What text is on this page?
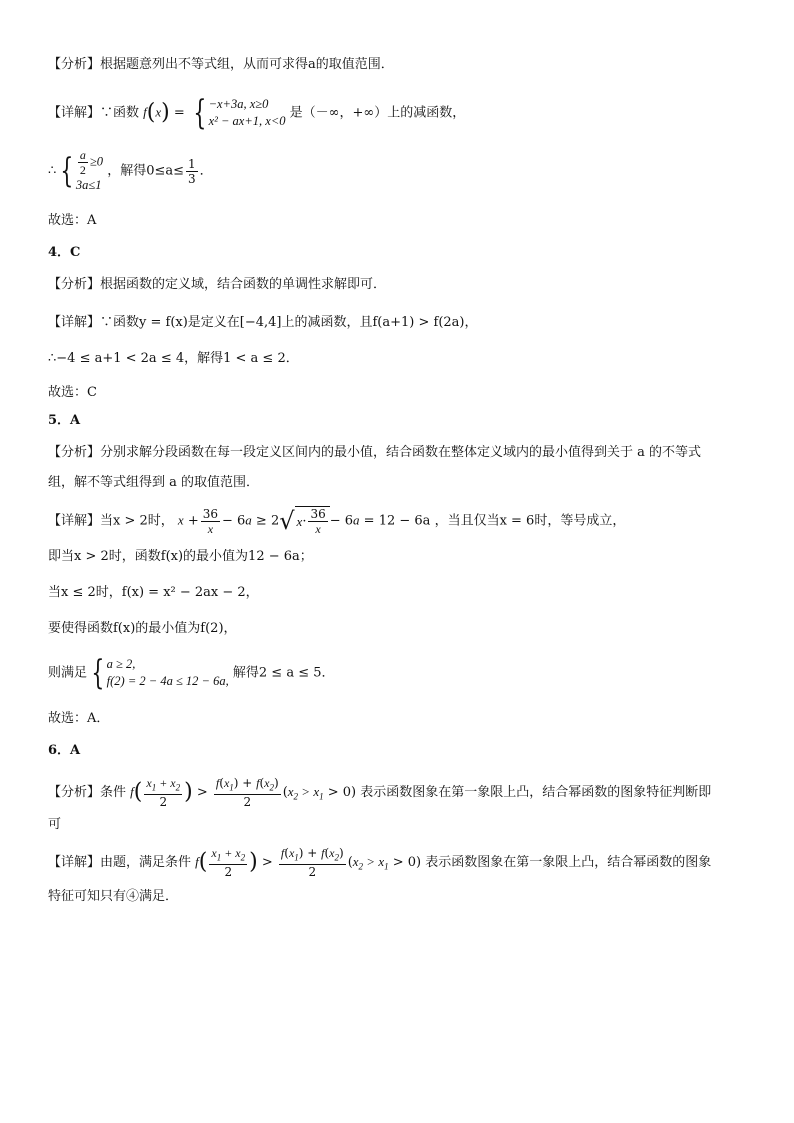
【分析】根据题意列出不等式组，从而可求得a的取值范围．
【详解】∵函数 f(x) = { −x+3a, x≥0
x² − ax+1, x<0
是（－∞，+∞）上的减函数，
∴ { $\frac{a}{2} \ge 0$
3a≤1
，解得$0\le a\le \frac{1}{3}$ ．
故选：A
4．C
【分析】根据函数的定义域，结合函数的单调性求解即可．
【详解】∵函数y = f(x)是定义在[−4,4]上的减函数，且f(a+1) > f(2a)，
∴−4 ≤ a+1 < 2a ≤ 4，解得1 < a ≤ 2．
故选：C
5．A
【分析】分别求解分段函数在每一段定义区间内的最小值，结合函数在整体定义域内的最小值得到关于 a 的不等式
组，解不等式组得到 a 的取值范围．
【详解】当x > 2时， $x + \frac{36}{x} - 6a \ge 2$ √ $x \cdot \frac{36}{x} - 6a = 12 - 6a$ ，当且仅当x = 6时，等号成立，
即当x > 2时，函数f(x)的最小值为12 − 6a；
当x ≤ 2时，f(x) = x² − 2ax − 2，
要使得函数f(x)的最小值为f(2)，
则满足 { a ≥ 2,
f(2) = 2 − 4a ≤ 12 − 6a,
解得2 ≤ a ≤ 5．
故选：A．
6．A
【分析】条件 $f( \frac{x_1 + x_2}{2}$ ) > $\frac{f(x_1) + f(x_2)}{2} (x_2 > x_1 > 0)$ 表示函数图象在第一象限上凸，结合幂函数的图象特征判断即
可
【详解】由题，满足条件 $f( \frac{x_1 + x_2}{2}$ ) > $\frac{f(x_1) + f(x_2)}{2} (x_2 > x_1 > 0)$ 表示函数图象在第一象限上凸，结合幂函数的图象
特征可知只有④满足．
